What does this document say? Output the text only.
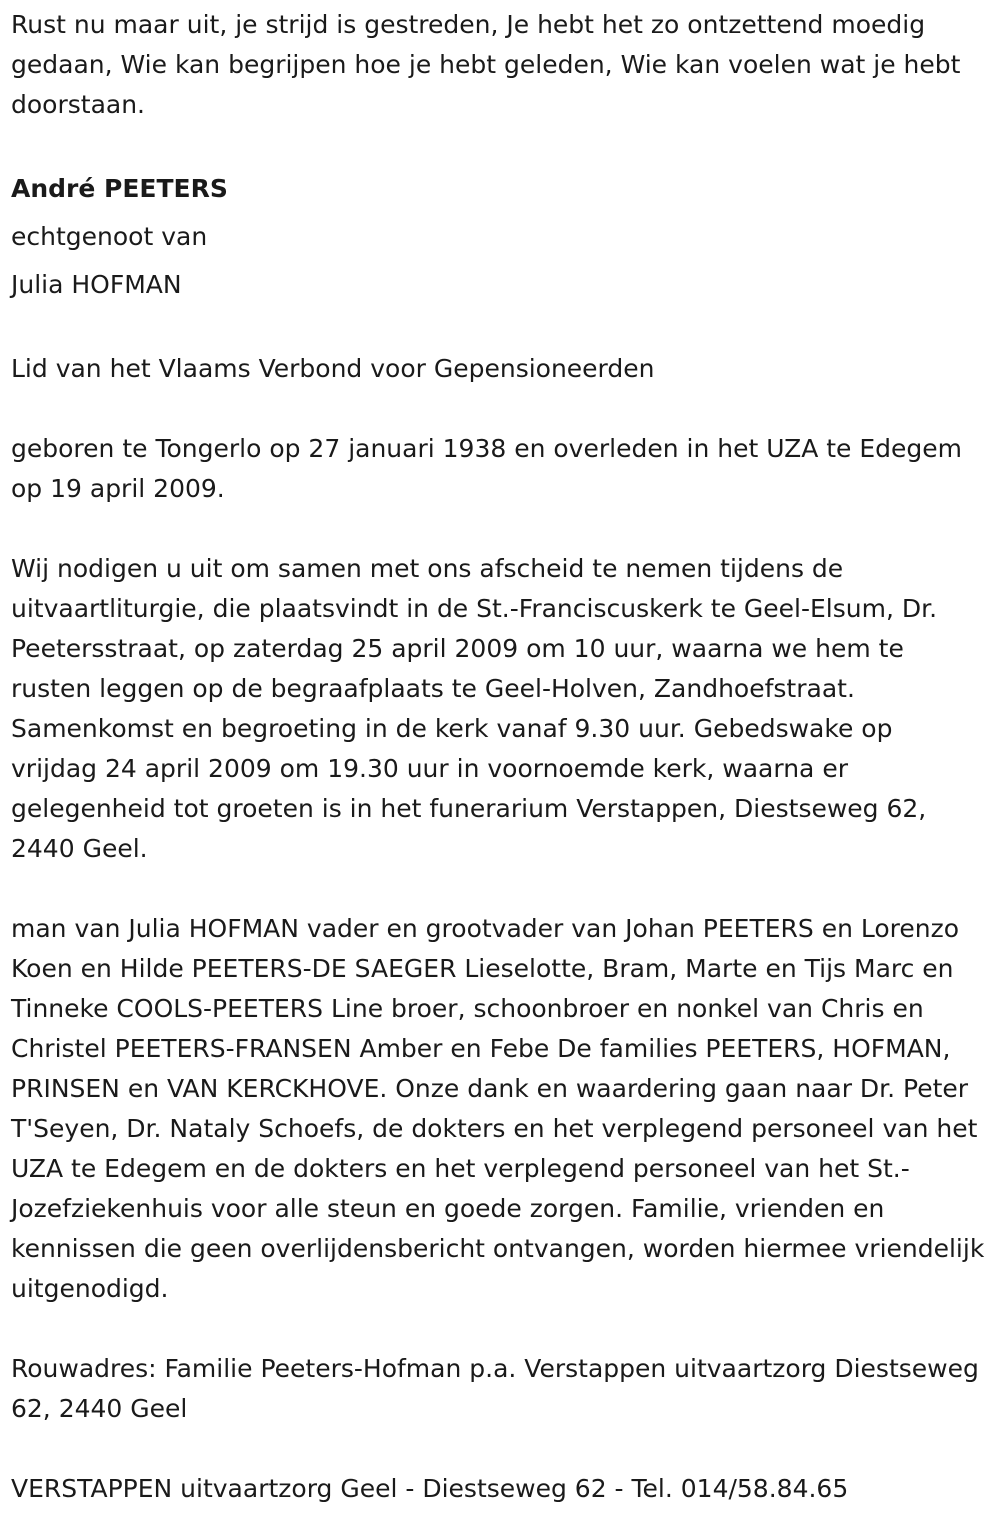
Rust nu maar uit, je strijd is gestreden, Je hebt het zo ontzettend moedig gedaan, Wie kan begrijpen hoe je hebt geleden, Wie kan voelen wat je hebt doorstaan.

André PEETERS

echtgenoot van

Julia HOFMAN

Lid van het Vlaams Verbond voor Gepensioneerden

geboren te Tongerlo op 27 januari 1938 en overleden in het UZA te Edegem op 19 april 2009.

Wij nodigen u uit om samen met ons afscheid te nemen tijdens de uitvaartliturgie, die plaatsvindt in de St.-Franciscuskerk te Geel-Elsum, Dr. Peetersstraat, op zaterdag 25 april 2009 om 10 uur, waarna we hem te rusten leggen op de begraafplaats te Geel-Holven, Zandhoefstraat. Samenkomst en begroeting in de kerk vanaf 9.30 uur. Gebedswake op vrijdag 24 april 2009 om 19.30 uur in voornoemde kerk, waarna er gelegenheid tot groeten is in het funerarium Verstappen, Diestseweg 62, 2440 Geel.

man van Julia HOFMAN vader en grootvader van Johan PEETERS en Lorenzo Koen en Hilde PEETERS-DE SAEGER Lieselotte, Bram, Marte en Tijs Marc en Tinneke COOLS-PEETERS Line broer, schoonbroer en nonkel van Chris en Christel PEETERS-FRANSEN Amber en Febe De families PEETERS, HOFMAN, PRINSEN en VAN KERCKHOVE. Onze dank en waardering gaan naar Dr. Peter T'Seyen, Dr. Nataly Schoefs, de dokters en het verplegend personeel van het UZA te Edegem en de dokters en het verplegend personeel van het St.-Jozefziekenhuis voor alle steun en goede zorgen. Familie, vrienden en kennissen die geen overlijdensbericht ontvangen, worden hiermee vriendelijk uitgenodigd.

Rouwadres: Familie Peeters-Hofman p.a. Verstappen uitvaartzorg Diestseweg 62, 2440 Geel

VERSTAPPEN uitvaartzorg Geel - Diestseweg 62 - Tel. 014/58.84.65
